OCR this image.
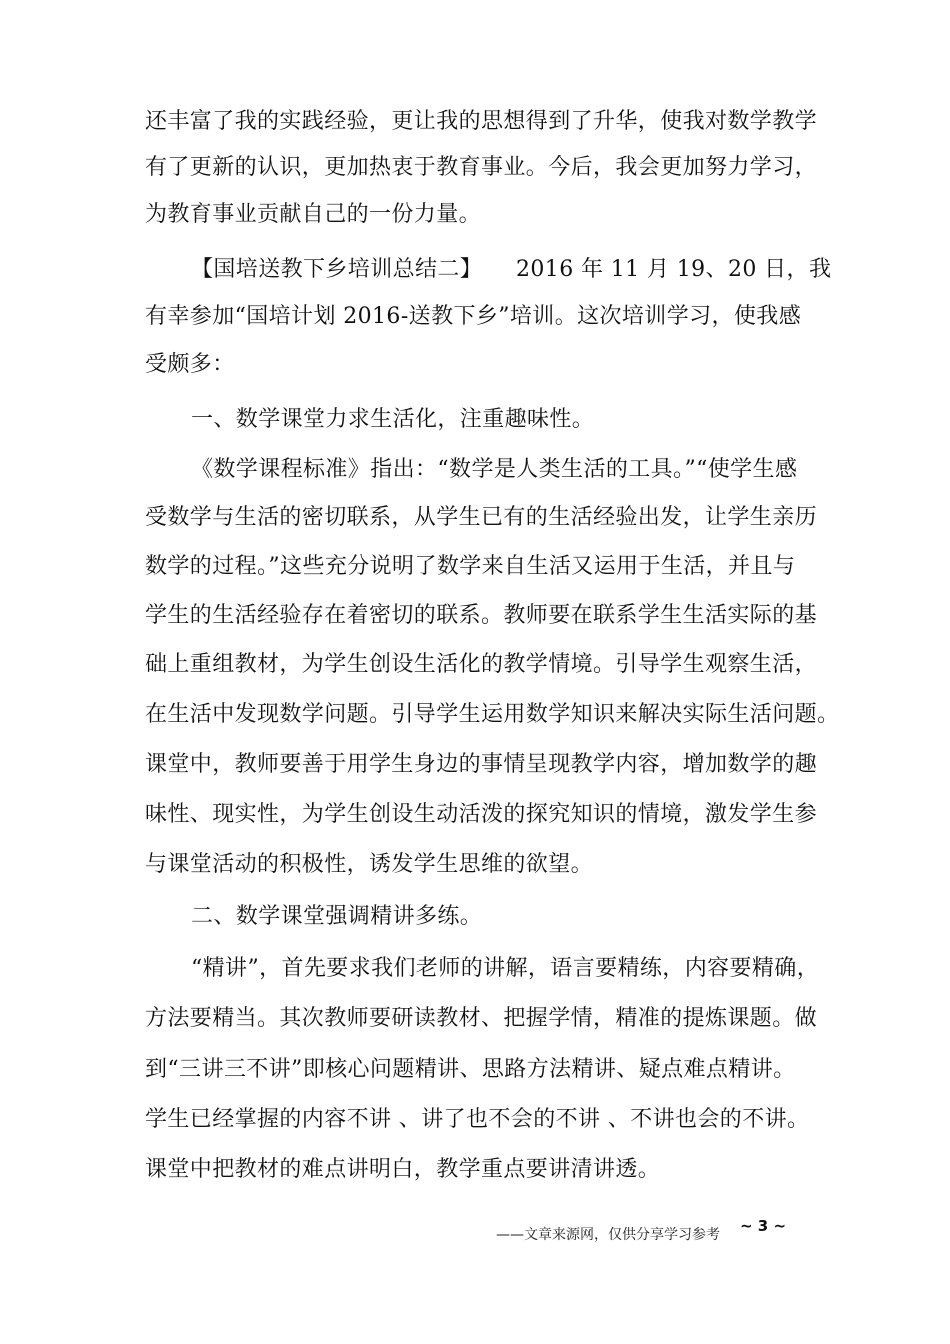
还丰富了我的实践经验，更让我的思想得到了升华，使我对数学教学
有了更新的认识，更加热衷于教育事业。今后，我会更加努力学习，
为教育事业贡献自己的一份力量。
【国培送教下乡培训总结二】　　2016 年 11 月 19、20 日，我
有幸参加“国培计划 2016-送教下乡”培训。这次培训学习，使我感
受颇多：
一、数学课堂力求生活化，注重趣味性。
《数学课程标准》指出：“数学是人类生活的工具。”“使学生感
受数学与生活的密切联系，从学生已有的生活经验出发，让学生亲历
数学的过程。”这些充分说明了数学来自生活又运用于生活，并且与
学生的生活经验存在着密切的联系。教师要在联系学生生活实际的基
础上重组教材，为学生创设生活化的教学情境。引导学生观察生活，
在生活中发现数学问题。引导学生运用数学知识来解决实际生活问题。
课堂中，教师要善于用学生身边的事情呈现教学内容，增加数学的趣
味性、现实性，为学生创设生动活泼的探究知识的情境，激发学生参
与课堂活动的积极性，诱发学生思维的欲望。
二、数学课堂强调精讲多练。
“精讲”，首先要求我们老师的讲解，语言要精练，内容要精确，
方法要精当。其次教师要研读教材、把握学情，精准的提炼课题。做
到“三讲三不讲”即核心问题精讲、思路方法精讲、疑点难点精讲。
学生已经掌握的内容不讲 、讲了也不会的不讲 、不讲也会的不讲。
课堂中把教材的难点讲明白，教学重点要讲清讲透。
——文章来源网，仅供分享学习参考 ~ 3 ~
